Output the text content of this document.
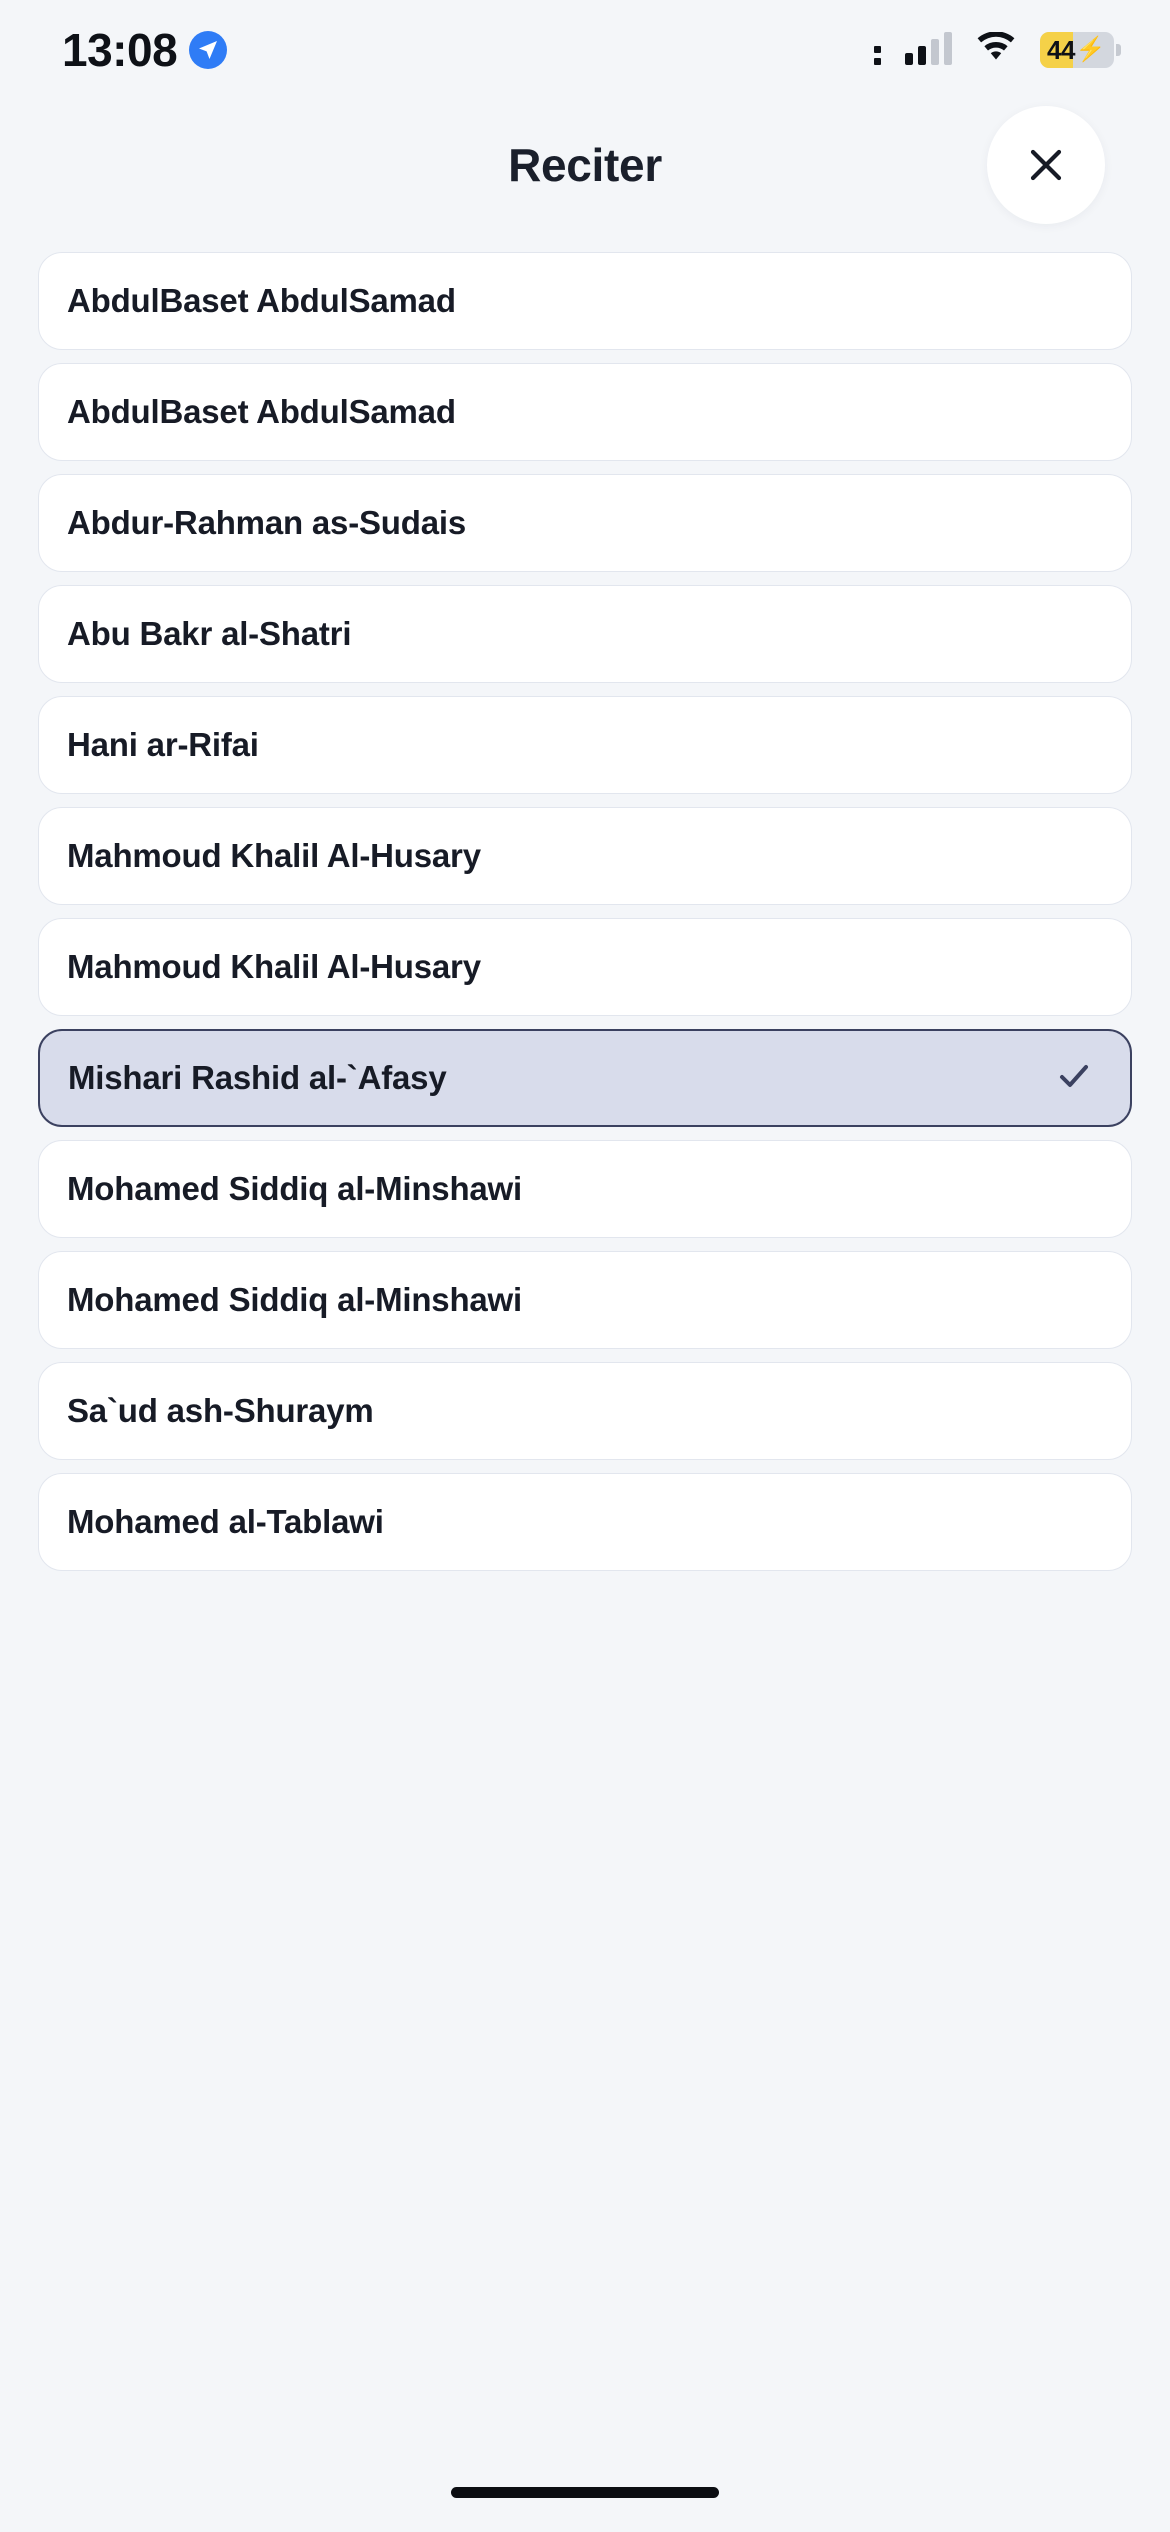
13:08	44 ⚡
Reciter
AbdulBaset AbdulSamad
AbdulBaset AbdulSamad
Abdur-Rahman as-Sudais
Abu Bakr al-Shatri
Hani ar-Rifai
Mahmoud Khalil Al-Husary
Mahmoud Khalil Al-Husary
Mishari Rashid al-`Afasy
Mohamed Siddiq al-Minshawi
Mohamed Siddiq al-Minshawi
Sa`ud ash-Shuraym
Mohamed al-Tablawi
